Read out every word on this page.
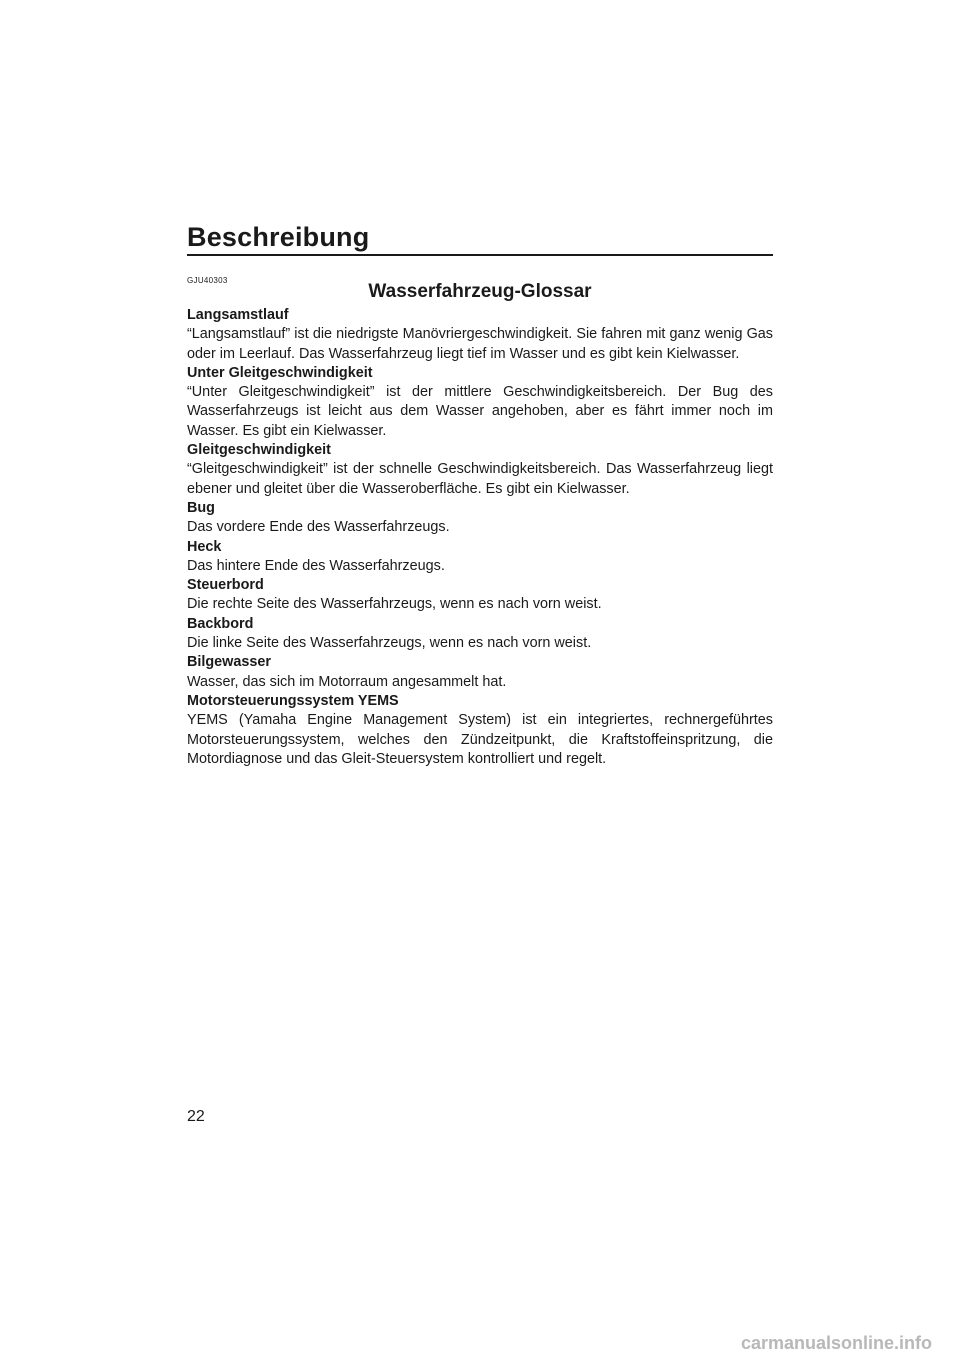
Beschreibung
GJU40303
Wasserfahrzeug-Glossar

Langsamstlauf

“Langsamstlauf” ist die niedrigste Manövriergeschwindigkeit. Sie fahren mit ganz wenig Gas oder im Leerlauf. Das Wasserfahrzeug liegt tief im Wasser und es gibt kein Kielwasser.

Unter Gleitgeschwindigkeit

“Unter Gleitgeschwindigkeit” ist der mittlere Geschwindigkeitsbereich. Der Bug des Wasserfahrzeugs ist leicht aus dem Wasser angehoben, aber es fährt immer noch im Wasser. Es gibt ein Kielwasser.

Gleitgeschwindigkeit

“Gleitgeschwindigkeit” ist der schnelle Geschwindigkeitsbereich. Das Wasserfahrzeug liegt ebener und gleitet über die Wasseroberfläche. Es gibt ein Kielwasser.

Bug

Das vordere Ende des Wasserfahrzeugs.

Heck

Das hintere Ende des Wasserfahrzeugs.

Steuerbord

Die rechte Seite des Wasserfahrzeugs, wenn es nach vorn weist.

Backbord

Die linke Seite des Wasserfahrzeugs, wenn es nach vorn weist.

Bilgewasser

Wasser, das sich im Motorraum angesammelt hat.

Motorsteuerungssystem YEMS

YEMS (Yamaha Engine Management System) ist ein integriertes, rechnergeführtes Motorsteuerungssystem, welches den Zündzeitpunkt, die Kraftstoffeinspritzung, die Motordiagnose und das Gleit-Steuersystem kontrolliert und regelt.

22
carmanualsonline.info
